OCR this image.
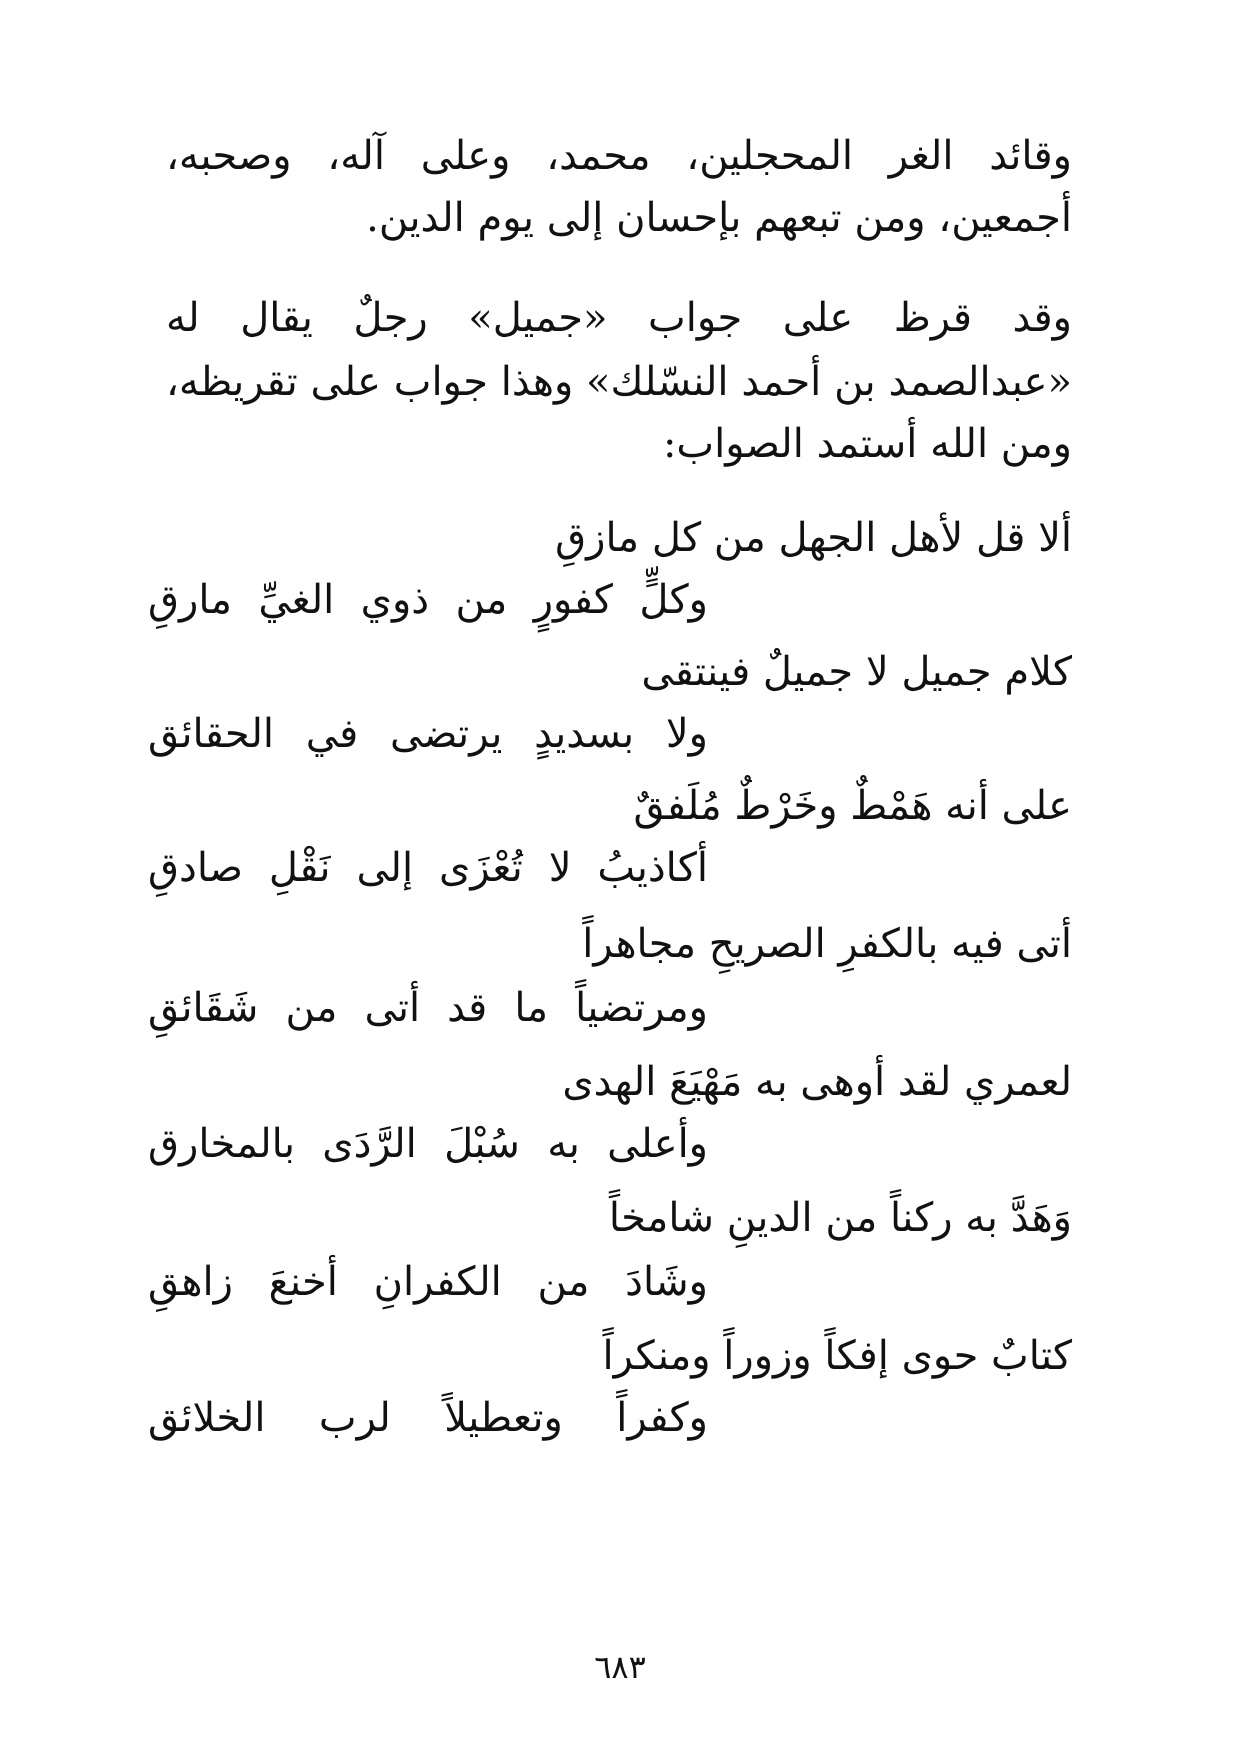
وقائد الغر المحجلين، محمد، وعلى آله، وصحبه،
أجمعين، ومن تبعهم بإحسان إلى يوم الدين.
وقد قرظ على جواب «جميل» رجلٌ يقال له
«عبدالصمد بن أحمد النسّلك» وهذا جواب على تقريظه،
ومن الله أستمد الصواب:
ألا قل لأهل الجهل من كل مازقِ
وكلٍّ كفورٍ من ذوي الغيِّ مارقِ
كلام جميل لا جميلٌ فينتقى
ولا بسديدٍ يرتضى في الحقائق
على أنه هَمْطٌ وخَرْطٌ مُلَفقٌ
أكاذيبُ لا تُعْزَى إلى نَقْلِ صادقِ
أتى فيه بالكفرِ الصريحِ مجاهراً
ومرتضياً ما قد أتى من شَقَائقِ
لعمري لقد أوهى به مَهْيَعَ الهدى
وأعلى به سُبْلَ الرَّدَى بالمخارق
وَهَدَّ به ركناً من الدينِ شامخاً
وشَادَ من الكفرانِ أخنعَ زاهقِ
كتابٌ حوى إفكاً وزوراً ومنكراً
وكفراً وتعطيلاً لرب الخلائق
٦٨٣
